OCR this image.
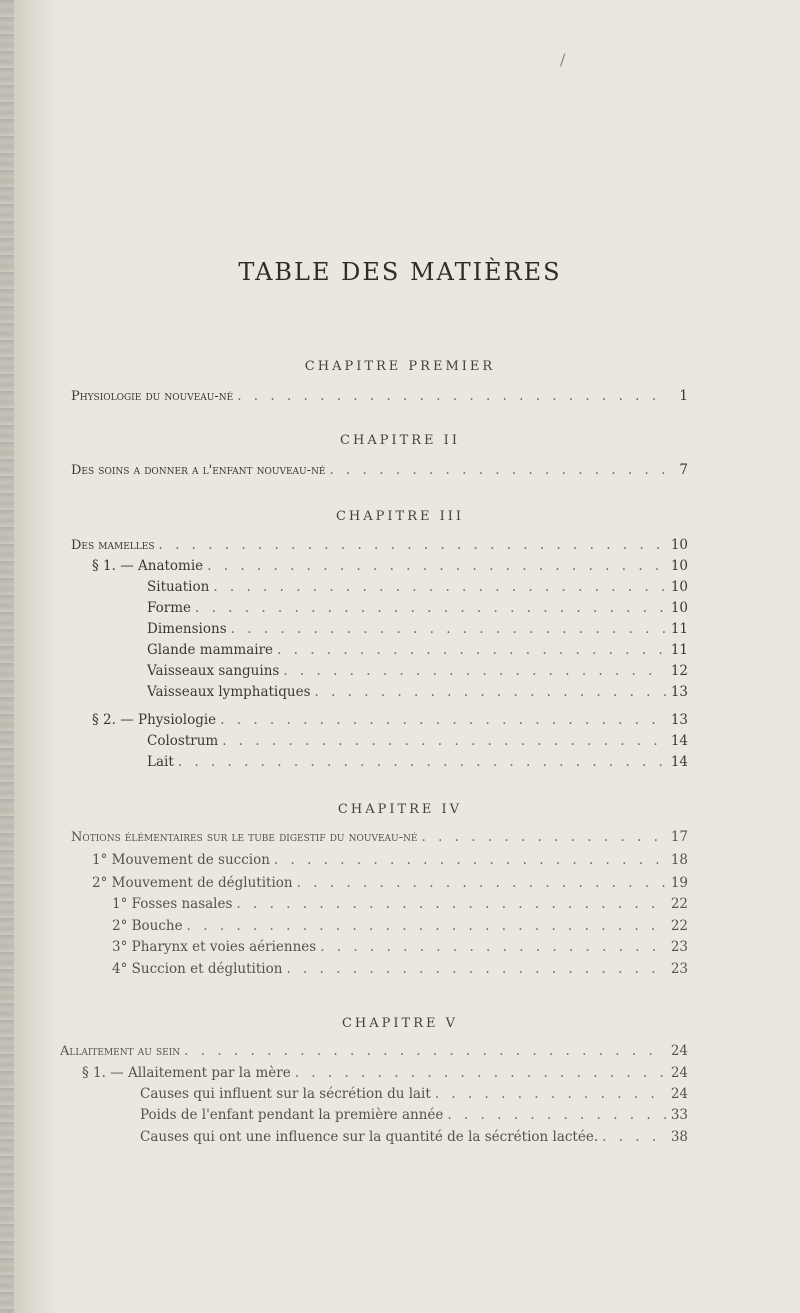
/
TABLE DES MATIÈRES
CHAPITRE PREMIER
Physiologie du nouveau-né . . .	1
CHAPITRE II
Des soins a donner a l'enfant nouveau-né . . .	7
CHAPITRE III
Des mamelles . . .	10
§ 1. — Anatomie . . .	10
Situation . . .	10
Forme . . .	10
Dimensions . . .	11
Glande mammaire . . .	11
Vaisseaux sanguins . . .	12
Vaisseaux lymphatiques . . .	13
§ 2. — Physiologie . . .	13
Colostrum . . .	14
Lait . . .	14
CHAPITRE IV
Notions élémentaires sur le tube digestif du nouveau-né . . .	17
1° Mouvement de succion . . .	18
2° Mouvement de déglutition . . .	19
1° Fosses nasales . . .	22
2° Bouche . . .	22
3° Pharynx et voies aériennes . . .	23
4° Succion et déglutition . . .	23
CHAPITRE V
Allaitement au sein . . .	24
§ 1. — Allaitement par la mère . . .	24
Causes qui influent sur la sécrétion du lait . . .	24
Poids de l'enfant pendant la première année . . .	33
Causes qui ont une influence sur la quantité de la sécrétion lactée. . . .	38
